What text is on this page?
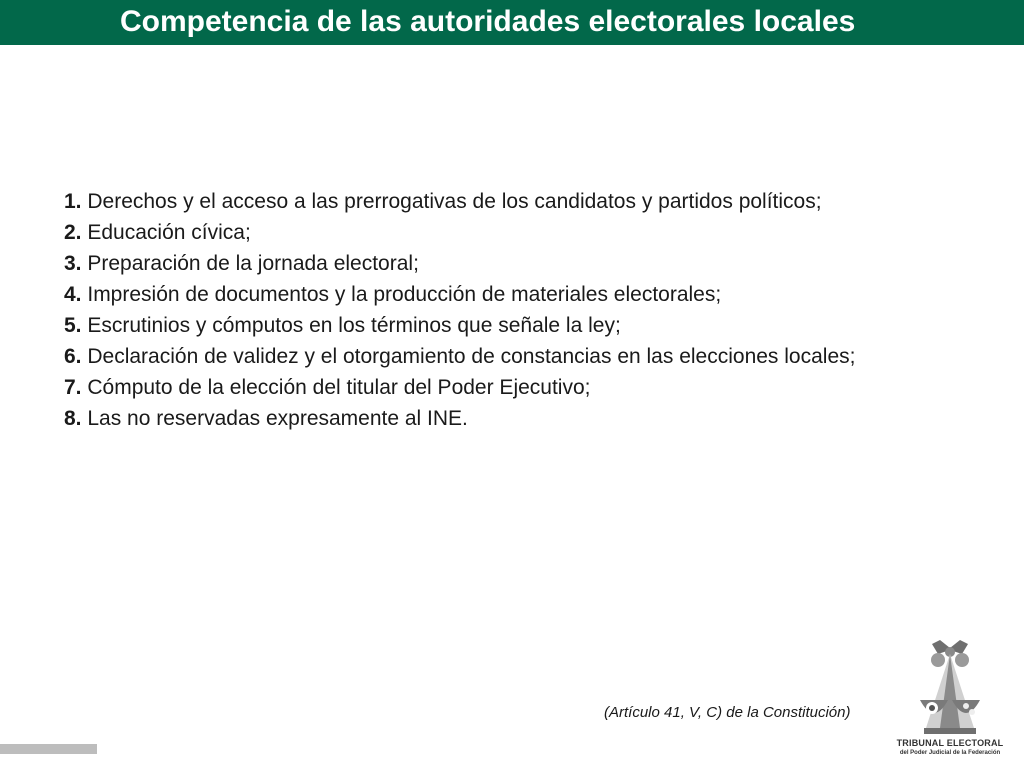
Competencia de las autoridades electorales locales
1. Derechos y el acceso a las prerrogativas de los candidatos y partidos políticos;
2. Educación cívica;
3. Preparación de la jornada electoral;
4. Impresión de documentos y la producción de materiales electorales;
5. Escrutinios y cómputos en los términos que señale la ley;
6. Declaración de validez y el otorgamiento de constancias en las elecciones locales;
7. Cómputo de la elección del titular del Poder Ejecutivo;
8. Las no reservadas expresamente al INE.
(Artículo 41, V, C) de la Constitución)
TRIBUNAL ELECTORAL
del Poder Judicial de la Federación
